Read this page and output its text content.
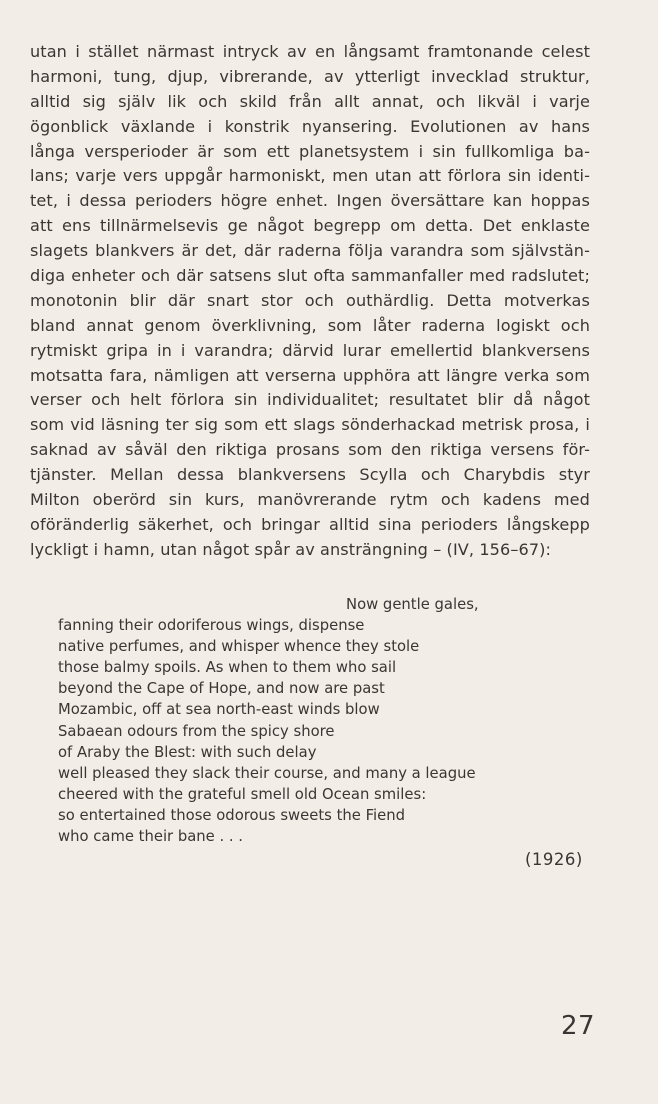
utan i stället närmast intryck av en långsamt framtonande celest
harmoni, tung, djup, vibrerande, av ytterligt invecklad struktur,
alltid sig själv lik och skild från allt annat, och likväl i varje
ögonblick växlande i konstrik nyansering. Evolutionen av hans
långa versperioder är som ett planetsystem i sin fullkomliga ba-
lans; varje vers uppgår harmoniskt, men utan att förlora sin identi-
tet, i dessa perioders högre enhet. Ingen översättare kan hoppas
att ens tillnärmelsevis ge något begrepp om detta. Det enklaste
slagets blankvers är det, där raderna följa varandra som självstän-
diga enheter och där satsens slut ofta sammanfaller med radslutet;
monotonin blir där snart stor och outhärdlig. Detta motverkas
bland annat genom överklivning, som låter raderna logiskt och
rytmiskt gripa in i varandra; därvid lurar emellertid blankversens
motsatta fara, nämligen att verserna upphöra att längre verka som
verser och helt förlora sin individualitet; resultatet blir då något
som vid läsning ter sig som ett slags sönderhackad metrisk prosa, i
saknad av såväl den riktiga prosans som den riktiga versens för-
tjänster. Mellan dessa blankversens Scylla och Charybdis styr
Milton oberörd sin kurs, manövrerande rytm och kadens med
oföränderlig säkerhet, och bringar alltid sina perioders långskepp
lyckligt i hamn, utan något spår av ansträngning – (IV, 156–67):
Now gentle gales,
fanning their odoriferous wings, dispense
native perfumes, and whisper whence they stole
those balmy spoils. As when to them who sail
beyond the Cape of Hope, and now are past
Mozambic, off at sea north-east winds blow
Sabaean odours from the spicy shore
of Araby the Blest: with such delay
well pleased they slack their course, and many a league
cheered with the grateful smell old Ocean smiles:
so entertained those odorous sweets the Fiend
who came their bane . . .
(1926)
27
